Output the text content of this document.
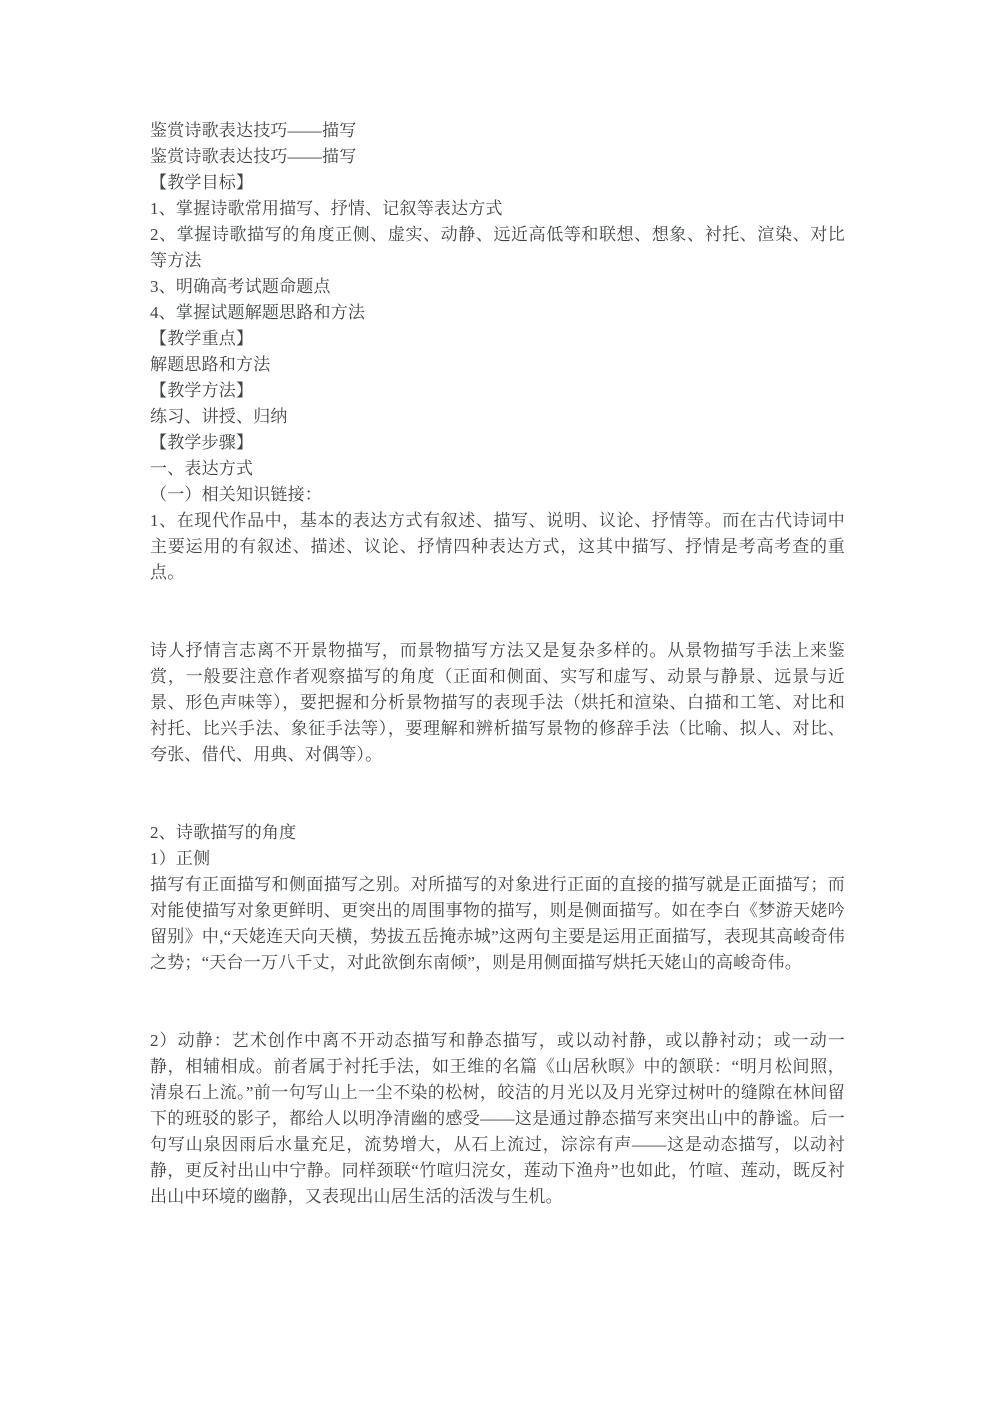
鉴赏诗歌表达技巧——描写

鉴赏诗歌表达技巧——描写

【教学目标】

1、掌握诗歌常用描写、抒情、记叙等表达方式

2、掌握诗歌描写的角度正侧、虚实、动静、远近高低等和联想、想象、衬托、渲染、对比等方法

3、明确高考试题命题点

4、掌握试题解题思路和方法

【教学重点】

解题思路和方法

【教学方法】

练习、讲授、归纳

【教学步骤】

一、表达方式

（一）相关知识链接：

1、在现代作品中，基本的表达方式有叙述、描写、说明、议论、抒情等。而在古代诗词中主要运用的有叙述、描述、议论、抒情四种表达方式，这其中描写、抒情是考高考查的重点。

诗人抒情言志离不开景物描写，而景物描写方法又是复杂多样的。从景物描写手法上来鉴赏，一般要注意作者观察描写的角度（正面和侧面、实写和虚写、动景与静景、远景与近景、形色声味等），要把握和分析景物描写的表现手法（烘托和渲染、白描和工笔、对比和衬托、比兴手法、象征手法等），要理解和辨析描写景物的修辞手法（比喻、拟人、对比、夸张、借代、用典、对偶等）。

2、诗歌描写的角度

1）正侧

描写有正面描写和侧面描写之别。对所描写的对象进行正面的直接的描写就是正面描写；而对能使描写对象更鲜明、更突出的周围事物的描写，则是侧面描写。如在李白《梦游天姥吟留别》中,“天姥连天向天横，势拔五岳掩赤城”这两句主要是运用正面描写，表现其高峻奇伟之势；“天台一万八千丈，对此欲倒东南倾”，则是用侧面描写烘托天姥山的高峻奇伟。

2）动静：艺术创作中离不开动态描写和静态描写，或以动衬静，或以静衬动；或一动一静，相辅相成。前者属于衬托手法，如王维的名篇《山居秋暝》中的颔联：“明月松间照，清泉石上流。”前一句写山上一尘不染的松树，皎洁的月光以及月光穿过树叶的缝隙在林间留下的班驳的影子，都给人以明净清幽的感受——这是通过静态描写来突出山中的静谧。后一句写山泉因雨后水量充足，流势增大，从石上流过，淙淙有声——这是动态描写，以动衬静，更反衬出山中宁静。同样颈联“竹喧归浣女，莲动下渔舟”也如此，竹喧、莲动，既反衬出山中环境的幽静，又表现出山居生活的活泼与生机。
